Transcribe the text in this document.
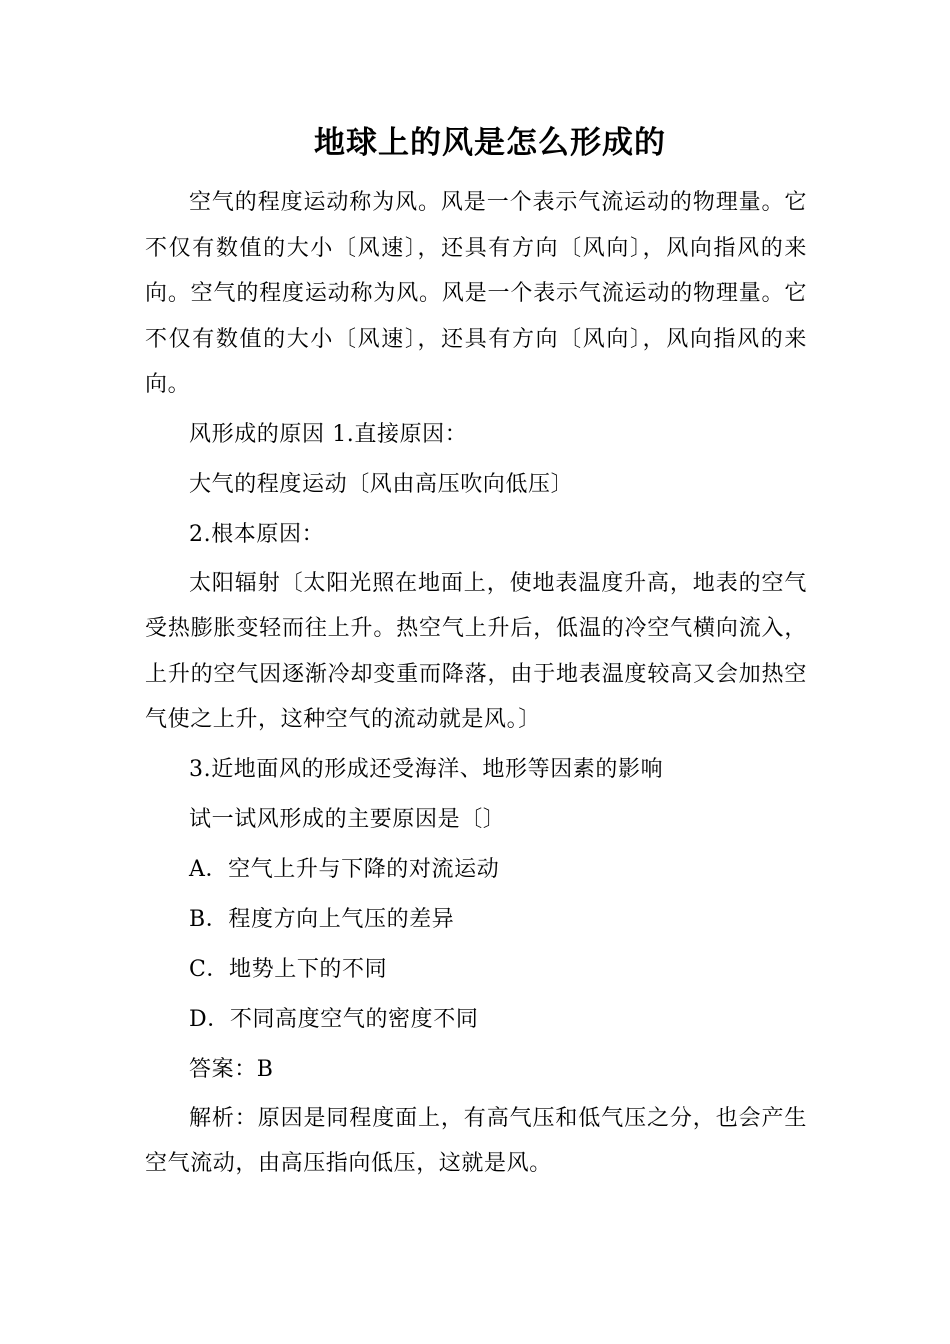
地球上的风是怎么形成的

空气的程度运动称为风。风是一个表示气流运动的物理量。它不仅有数值的大小〔风速〕，还具有方向〔风向〕，风向指风的来向。空气的程度运动称为风。风是一个表示气流运动的物理量。它不仅有数值的大小〔风速〕，还具有方向〔风向〕，风向指风的来向。

风形成的原因 1.直接原因：

大气的程度运动〔风由高压吹向低压〕

2.根本原因：

太阳辐射〔太阳光照在地面上，使地表温度升高，地表的空气受热膨胀变轻而往上升。热空气上升后，低温的冷空气横向流入，上升的空气因逐渐冷却变重而降落，由于地表温度较高又会加热空气使之上升，这种空气的流动就是风。〕

3.近地面风的形成还受海洋、地形等因素的影响

试一试风形成的主要原因是〔〕

A．空气上升与下降的对流运动

B．程度方向上气压的差异

C．地势上下的不同

D．不同高度空气的密度不同

答案：B

解析：原因是同程度面上，有高气压和低气压之分，也会产生空气流动，由高压指向低压，这就是风。
